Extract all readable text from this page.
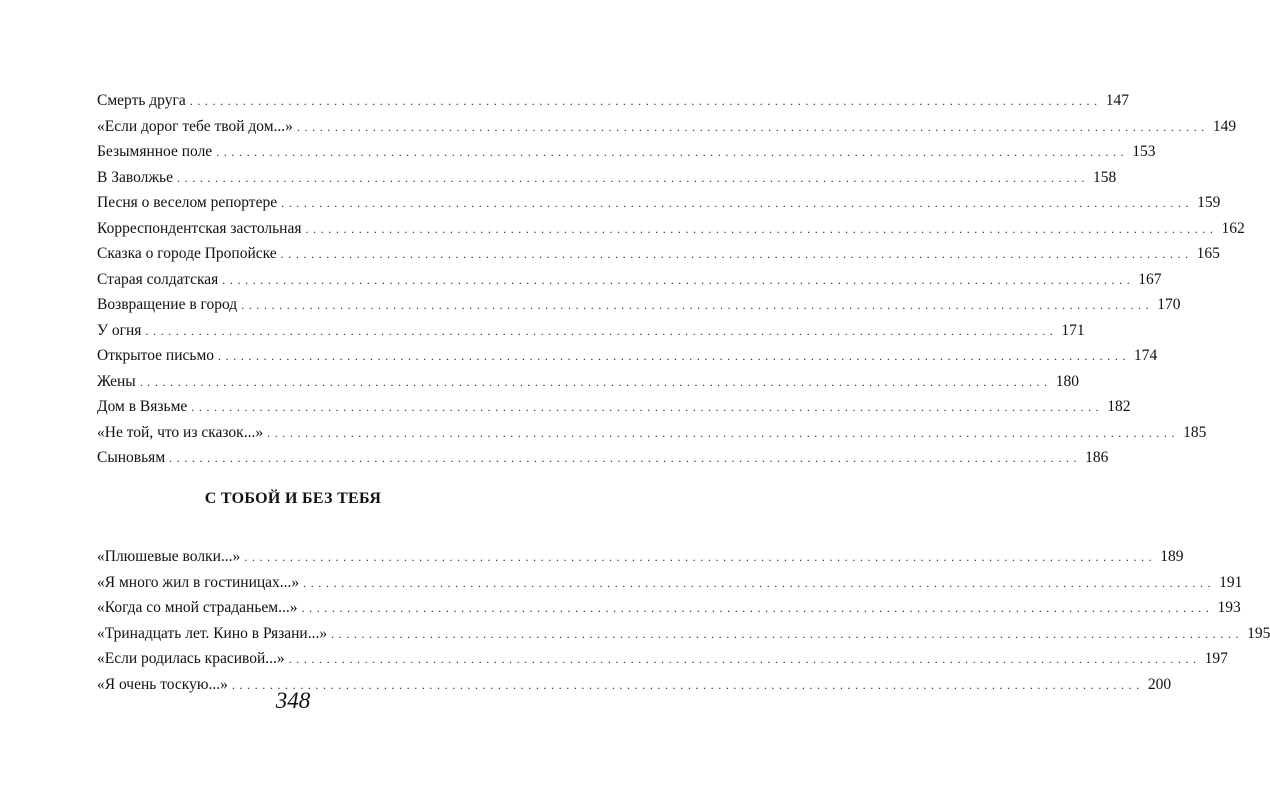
Смерть друга ........................................................................................................................ 147
«Если дорог тебе твой дом...» ........................................................................................................................ 149
Безымянное поле ........................................................................................................................ 153
В Заволжье ........................................................................................................................ 158
Песня о веселом репортере ........................................................................................................................ 159
Корреспондентская застольная ........................................................................................................................ 162
Сказка о городе Пропойске ........................................................................................................................ 165
Старая солдатская ........................................................................................................................ 167
Возвращение в город ........................................................................................................................ 170
У огня ........................................................................................................................ 171
Открытое письмо ........................................................................................................................ 174
Жены ........................................................................................................................ 180
Дом в Вязьме ........................................................................................................................ 182
«Не той, что из сказок...» ........................................................................................................................ 185
Сыновьям ........................................................................................................................ 186
С ТОБОЙ И БЕЗ ТЕБЯ
«Плюшевые волки...» ........................................................................................................................ 189
«Я много жил в гостиницах...» ........................................................................................................................ 191
«Когда со мной страданьем...» ........................................................................................................................ 193
«Тринадцать лет. Кино в Рязани...» ........................................................................................................................ 195
«Если родилась красивой...» ........................................................................................................................ 197
«Я очень тоскую...» ........................................................................................................................ 200
348
